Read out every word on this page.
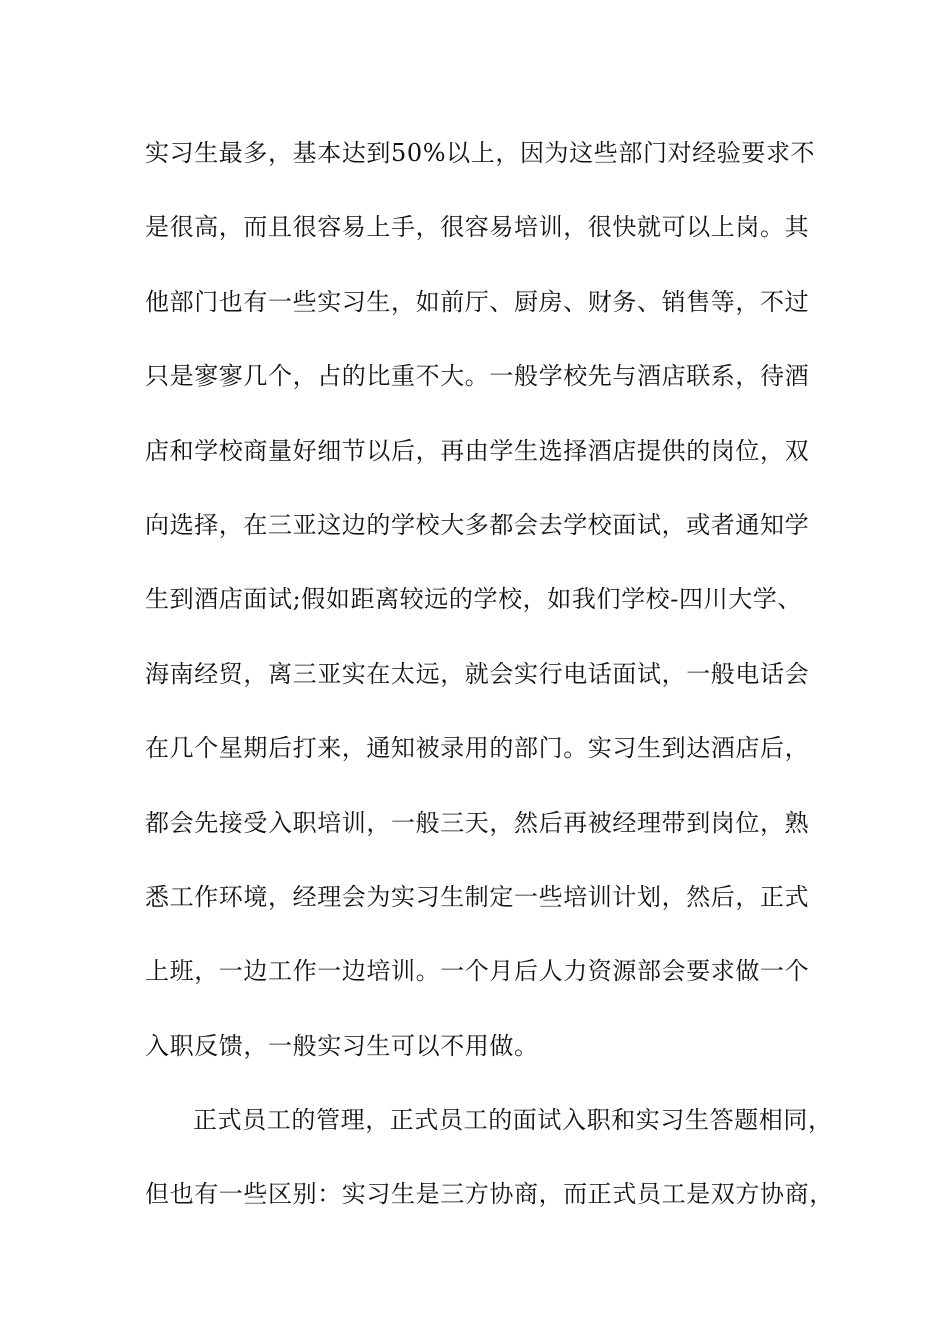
实习生最多，基本达到50%以上，因为这些部门对经验要求不
是很高，而且很容易上手，很容易培训，很快就可以上岗。其
他部门也有一些实习生，如前厅、厨房、财务、销售等，不过
只是寥寥几个，占的比重不大。一般学校先与酒店联系，待酒
店和学校商量好细节以后，再由学生选择酒店提供的岗位，双
向选择，在三亚这边的学校大多都会去学校面试，或者通知学
生到酒店面试;假如距离较远的学校，如我们学校-四川大学、
海南经贸，离三亚实在太远，就会实行电话面试，一般电话会
在几个星期后打来，通知被录用的部门。实习生到达酒店后，
都会先接受入职培训，一般三天，然后再被经理带到岗位，熟
悉工作环境，经理会为实习生制定一些培训计划，然后，正式
上班，一边工作一边培训。一个月后人力资源部会要求做一个
入职反馈，一般实习生可以不用做。
正式员工的管理，正式员工的面试入职和实习生答题相同，
但也有一些区别：实习生是三方协商，而正式员工是双方协商，
